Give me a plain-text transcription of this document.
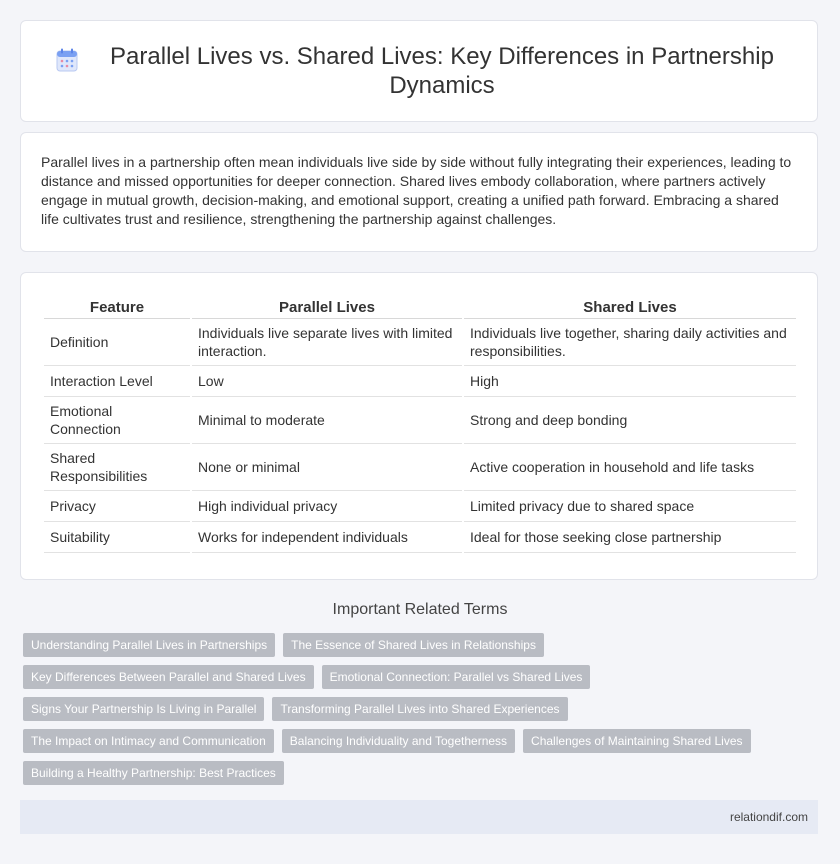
Parallel Lives vs. Shared Lives: Key Differences in Partnership Dynamics

Parallel lives in a partnership often mean individuals live side by side without fully integrating their experiences, leading to distance and missed opportunities for deeper connection. Shared lives embody collaboration, where partners actively engage in mutual growth, decision-making, and emotional support, creating a unified path forward. Embracing a shared life cultivates trust and resilience, strengthening the partnership against challenges.

Feature	Parallel Lives	Shared Lives
Definition	Individuals live separate lives with limited interaction.	Individuals live together, sharing daily activities and responsibilities.
Interaction Level	Low	High
Emotional Connection	Minimal to moderate	Strong and deep bonding
Shared Responsibilities	None or minimal	Active cooperation in household and life tasks
Privacy	High individual privacy	Limited privacy due to shared space
Suitability	Works for independent individuals	Ideal for those seeking close partnership
Important Related Terms
Understanding Parallel Lives in Partnerships	The Essence of Shared Lives in Relationships
Key Differences Between Parallel and Shared Lives	Emotional Connection: Parallel vs Shared Lives
Signs Your Partnership Is Living in Parallel	Transforming Parallel Lives into Shared Experiences
The Impact on Intimacy and Communication	Balancing Individuality and Togetherness	Challenges of Maintaining Shared Lives
Building a Healthy Partnership: Best Practices
relationdif.com
